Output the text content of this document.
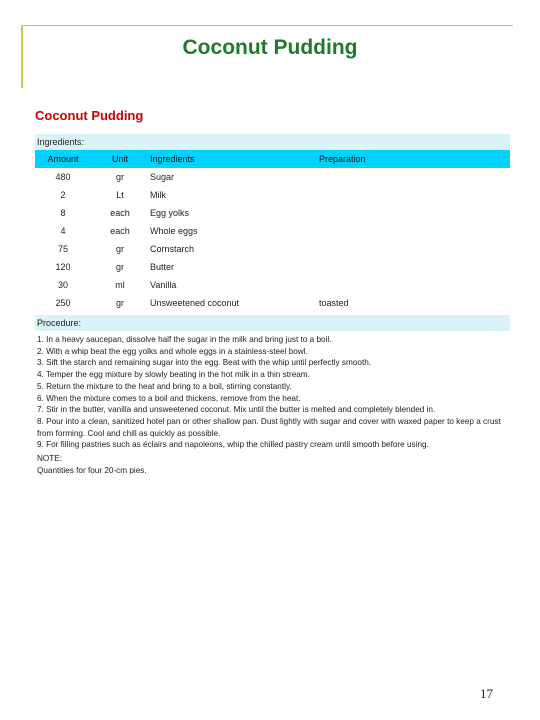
Coconut Pudding
Coconut Pudding
Ingredients:
Amount	Unit	Ingredients	Preparation
480	gr	Sugar
2	Lt	Milk
8	each	Egg yolks
4	each	Whole eggs
75	gr	Cornstarch
120	gr	Butter
30	ml	Vanilla
250	gr	Unsweetened coconut	toasted
Procedure:
1. In a heavy saucepan, dissolve half the sugar in the milk and bring just to a boil.
2. With a whip beat the egg yolks and whole eggs in a stainless-steel bowl.
3. Sift the starch and remaining sugar into the egg. Beat with the whip until perfectly smooth.
4. Temper the egg mixture by slowly beating in the hot milk in a thin stream.
5. Return the mixture to the heat and bring to a boil, stirring constantly.
6. When the mixture comes to a boil and thickens, remove from the heat.
7. Stir in the butter, vanilla and unsweetened coconut. Mix until the butter is melted and completely blended in.
8. Pour into a clean, sanitized hotel pan or other shallow pan. Dust lightly with sugar and cover with waxed paper to keep a crust from forming. Cool and chill as quickly as possible.
9. For filling pastries such as éclairs and napoleons, whip the chilled pastry cream until smooth before using.
NOTE:
Quantities for four 20-cm pies.
17
